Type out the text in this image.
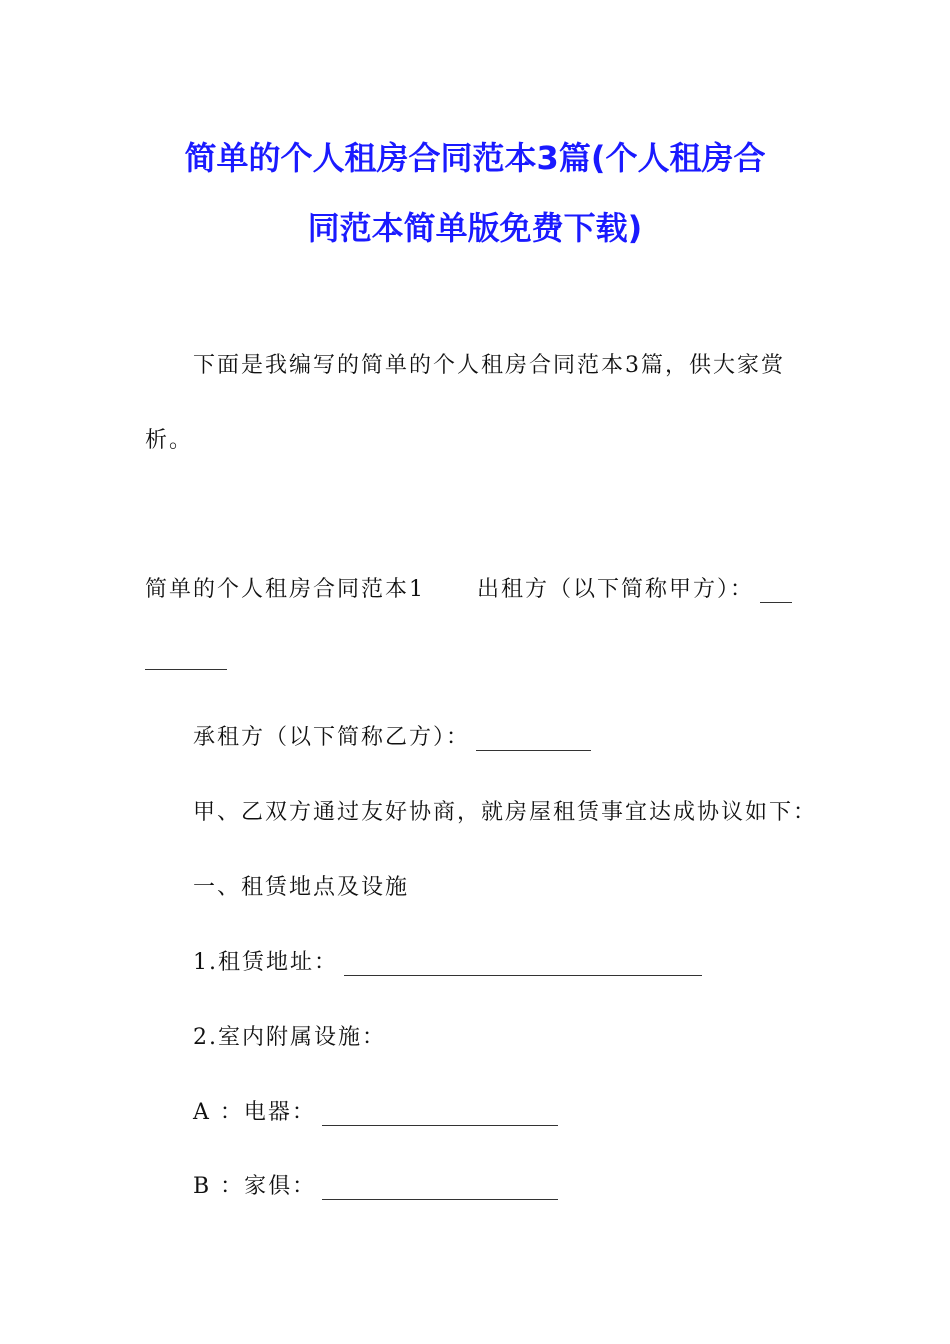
简单的个人租房合同范本3篇(个人租房合
同范本简单版免费下载)
下面是我编写的简单的个人租房合同范本3篇，供大家赏
析。
简单的个人租房合同范本1 出租方（以下简称甲方）：
承租方（以下简称乙方）：
甲、乙双方通过友好协商，就房屋租赁事宜达成协议如下：
一、租赁地点及设施
1.租赁地址：
2.室内附属设施：
A ：电器：
B ：家俱：
